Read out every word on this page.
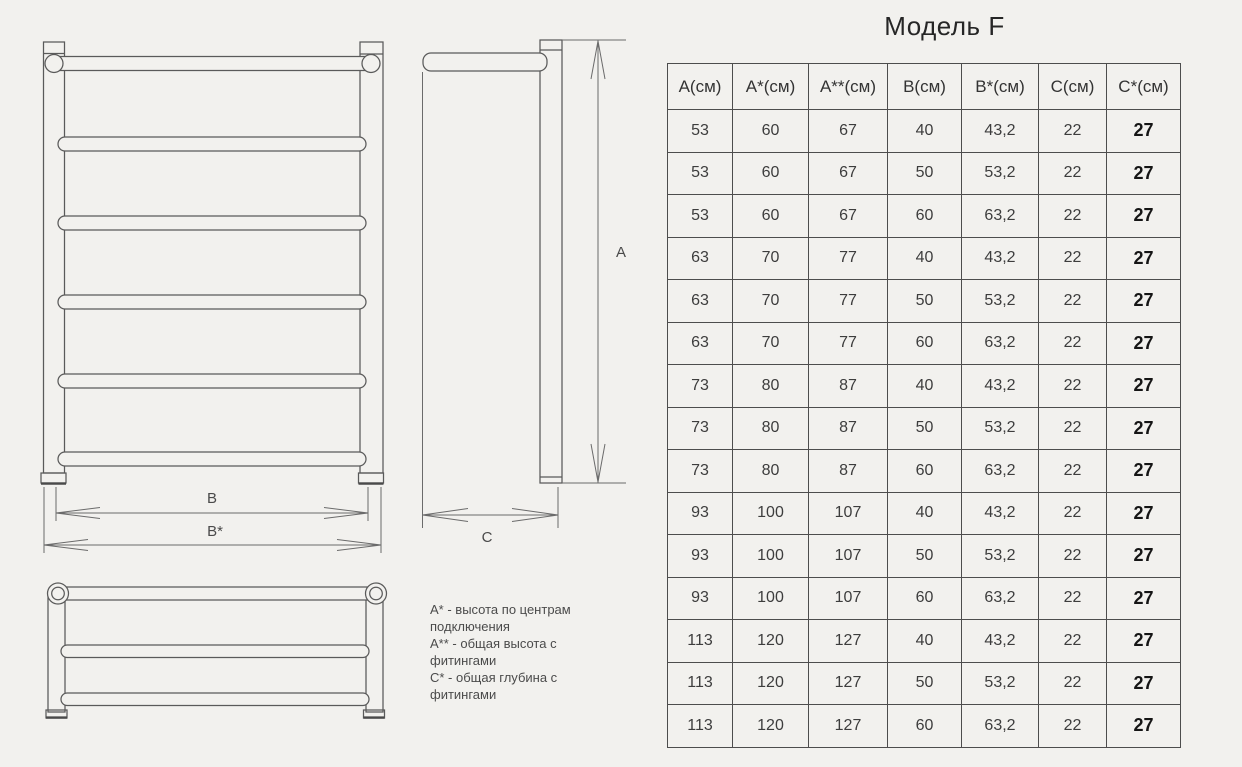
B
B*
A
C
А* - высота по центрам подключения
А** - общая высота с фитингами
С* - общая глубина с фитингами
Модель F
А(см)	А*(см)	А**(см)	В(см)	В*(см)	С(см)	С*(см)
53	60	67	40	43,2	22	27
53	60	67	50	53,2	22	27
53	60	67	60	63,2	22	27
63	70	77	40	43,2	22	27
63	70	77	50	53,2	22	27
63	70	77	60	63,2	22	27
73	80	87	40	43,2	22	27
73	80	87	50	53,2	22	27
73	80	87	60	63,2	22	27
93	100	107	40	43,2	22	27
93	100	107	50	53,2	22	27
93	100	107	60	63,2	22	27
113	120	127	40	43,2	22	27
113	120	127	50	53,2	22	27
113	120	127	60	63,2	22	27
